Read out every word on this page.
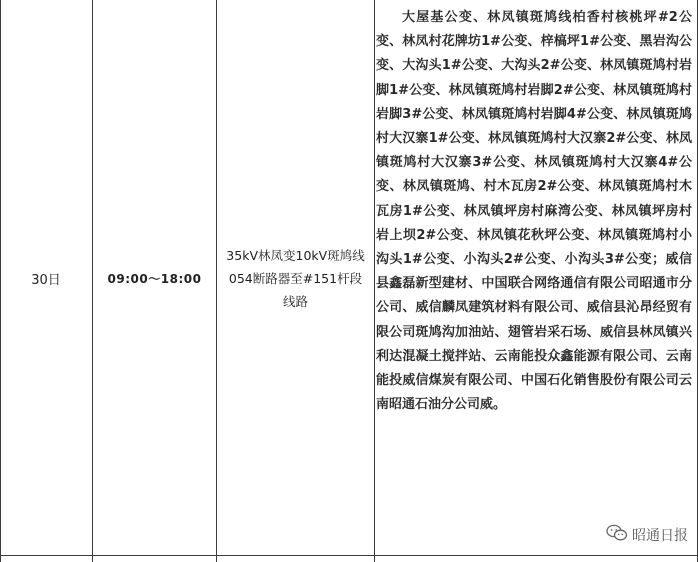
30日	09:00～18:00
35kV林凤变10kV斑鸠线054断路器至#151杆段线路
大屋基公变、林凤镇斑鸠线柏香村核桃坪#2公变、林凤村花牌坊1#公变、梓槁坪1#公变、黑岩沟公变、大沟头1#公变、大沟头2#公变、林凤镇斑鸠村岩脚1#公变、林凤镇斑鸠村岩脚2#公变、林凤镇斑鸠村岩脚3#公变、林凤镇斑鸠村岩脚4#公变、林凤镇斑鸠村大汉寨1#公变、林凤镇斑鸠村大汉寨2#公变、林凤镇斑鸠村大汉寨3#公变、林凤镇斑鸠村大汉寨4#公变、林凤镇斑鸠、村木瓦房2#公变、林凤镇斑鸠村木瓦房1#公变、林凤镇坪房村麻湾公变、林凤镇坪房村岩上坝2#公变、林凤镇花秋坪公变、林凤镇斑鸠村小沟头1#公变、小沟头2#公变、小沟头3#公变；威信县鑫磊新型建材、中国联合网络通信有限公司昭通市分公司、威信麟凤建筑材料有限公司、威信县沁昂经贸有限公司斑鸠沟加油站、翅管岩采石场、威信县林凤镇兴利达混凝土搅拌站、云南能投众鑫能源有限公司、云南能投威信煤炭有限公司、中国石化销售股份有限公司云南昭通石油分公司威。
昭通日报
